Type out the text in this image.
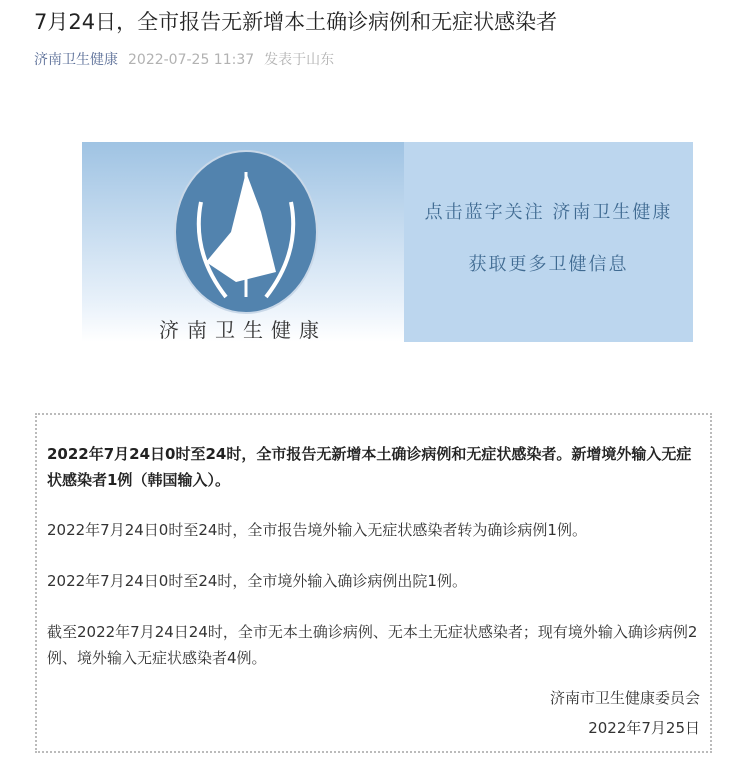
7月24日，全市报告无新增本土确诊病例和无症状感染者
济南卫生健康 2022-07-25 11:37 发表于山东
济南卫生健康
点击蓝字关注 济南卫生健康
获取更多卫健信息
2022年7月24日0时至24时，全市报告无新增本土确诊病例和无症状感染者。新增境外输入无症状感染者1例（韩国输入）。
2022年7月24日0时至24时，全市报告境外输入无症状感染者转为确诊病例1例。
2022年7月24日0时至24时，全市境外输入确诊病例出院1例。
截至2022年7月24日24时，全市无本土确诊病例、无本土无症状感染者；现有境外输入确诊病例2例、境外输入无症状感染者4例。
济南市卫生健康委员会
2022年7月25日
